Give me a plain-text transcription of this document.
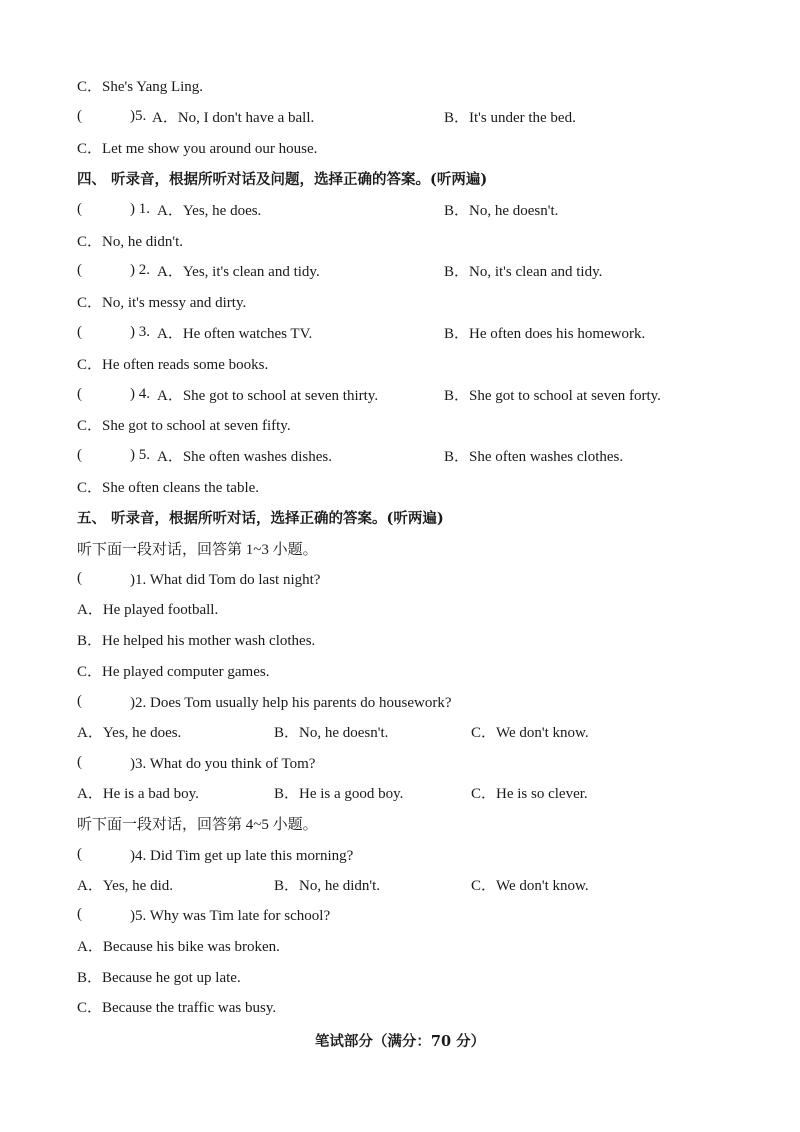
C．She's Yang Ling.
(	)5. A．No, I don't have a ball.	B．It's under the bed.
C．Let me show you around our house.
四、 听录音，根据所听对话及问题，选择正确的答案。(听两遍)
(	) 1. A．Yes, he does.	B．No, he doesn't.
C．No, he didn't.
(	) 2. A．Yes, it's clean and tidy.	B．No, it's clean and tidy.
C．No, it's messy and dirty.
(	) 3. A．He often watches TV.	B．He often does his homework.
C．He often reads some books.
(	) 4. A．She got to school at seven thirty.	B．She got to school at seven forty.
C．She got to school at seven fifty.
(	) 5. A．She often washes dishes.	B．She often washes clothes.
C．She often cleans the table.
五、 听录音，根据所听对话，选择正确的答案。(听两遍)
听下面一段对话，回答第 1~3 小题。
(	)1. What did Tom do last night?
A．He played football.
B．He helped his mother wash clothes.
C．He played computer games.
(	)2. Does Tom usually help his parents do housework?
A．Yes, he does.	B．No, he doesn't.	C．We don't know.
(	)3. What do you think of Tom?
A．He is a bad boy.	B．He is a good boy.	C．He is so clever.
听下面一段对话，回答第 4~5 小题。
(	)4. Did Tim get up late this morning?
A．Yes, he did.	B．No, he didn't.	C．We don't know.
(	)5. Why was Tim late for school?
A．Because his bike was broken.
B．Because he got up late.
C．Because the traffic was busy.
笔试部分（满分：70 分）
